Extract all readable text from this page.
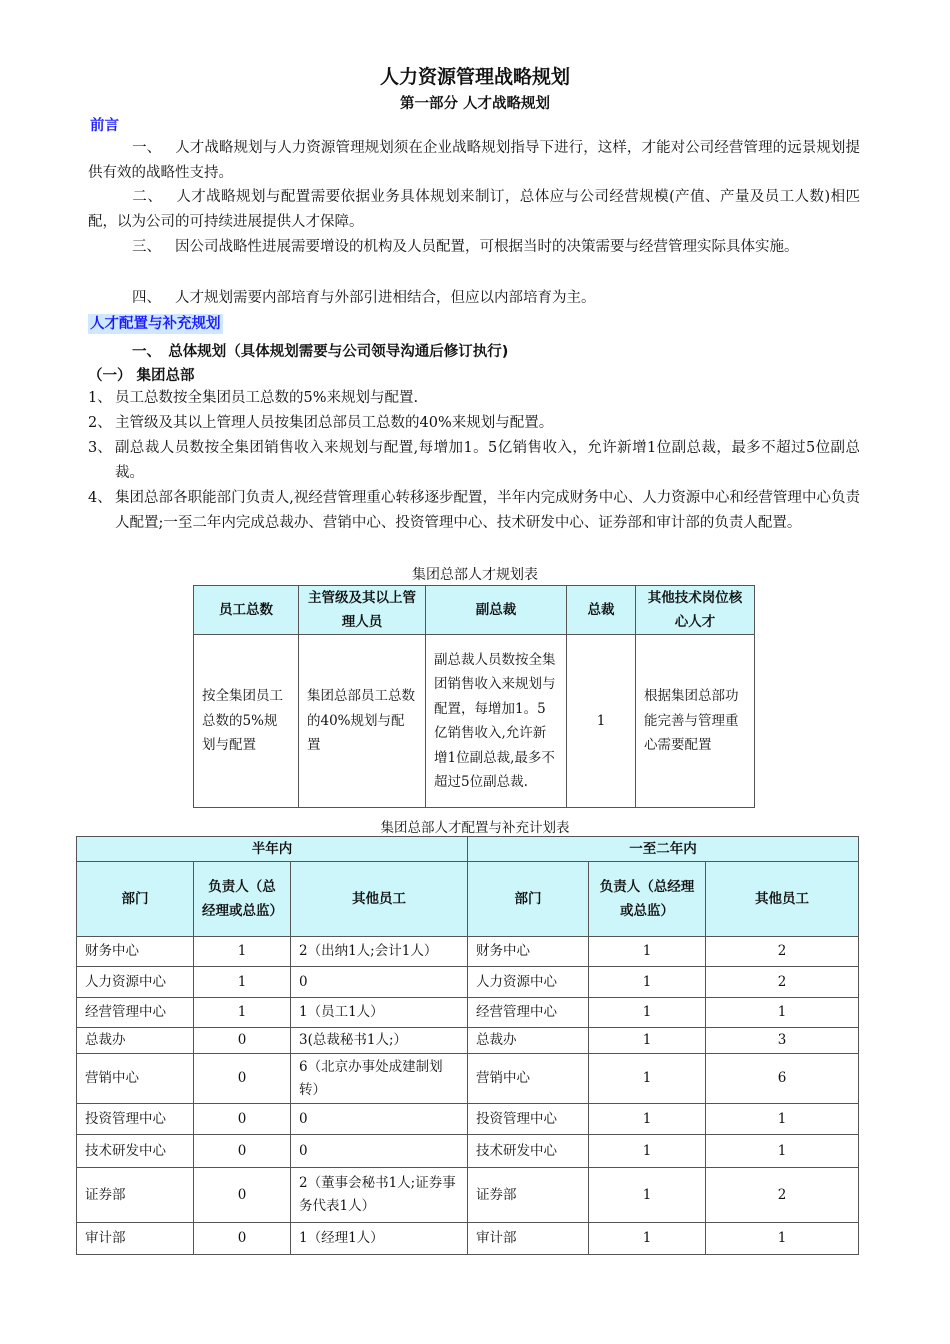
人力资源管理战略规划
第一部分 人才战略规划
前言
一、 人才战略规划与人力资源管理规划须在企业战略规划指导下进行，这样，才能对公司经营管理的远景规划提供有效的战略性支持。
二、 人才战略规划与配置需要依据业务具体规划来制订，总体应与公司经营规模(产值、产量及员工人数)相匹配，以为公司的可持续进展提供人才保障。
三、 因公司战略性进展需要增设的机构及人员配置，可根据当时的决策需要与经营管理实际具体实施。
四、 人才规划需要内部培育与外部引进相结合，但应以内部培育为主。
人才配置与补充规划
一、　总体规划（具体规划需要与公司领导沟通后修订执行)
（一） 集团总部
1、 员工总数按全集团员工总数的5%来规划与配置.
2、 主管级及其以上管理人员按集团总部员工总数的40%来规划与配置。
3、 副总裁人员数按全集团销售收入来规划与配置,每增加1。5亿销售收入，允许新增1位副总裁，最多不超过5位副总裁。
4、 集团总部各职能部门负责人,视经营管理重心转移逐步配置，半年内完成财务中心、人力资源中心和经营管理中心负责人配置;一至二年内完成总裁办、营销中心、投资管理中心、技术研发中心、证券部和审计部的负责人配置。
集团总部人才规划表
员工总数	主管级及其以上管理人员	副总裁	总裁	其他技术岗位核心人才
按全集团员工总数的5%规划与配置	集团总部员工总数的40%规划与配置	副总裁人员数按全集团销售收入来规划与配置，每增加1。5亿销售收入,允许新增1位副总裁,最多不超过5位副总裁.	1	根据集团总部功能完善与管理重心需要配置
集团总部人才配置与补充计划表
半年内			一至二年内		
部门	负责人（总经理或总监）	其他员工	部门	负责人（总经理或总监）	其他员工
财务中心	1	2（出纳1人;会计1人）	财务中心	1	2
人力资源中心	1	0	人力资源中心	1	2
经营管理中心	1	1（员工1人）	经营管理中心	1	1
总裁办	0	3(总裁秘书1人;）	总裁办	1	3
营销中心	0	6（北京办事处成建制划转）	营销中心	1	6
投资管理中心	0	0	投资管理中心	1	1
技术研发中心	0	0	技术研发中心	1	1
证券部	0	2（董事会秘书1人;证券事务代表1人）	证券部	1	2
审计部	0	1（经理1人）	审计部	1	1
